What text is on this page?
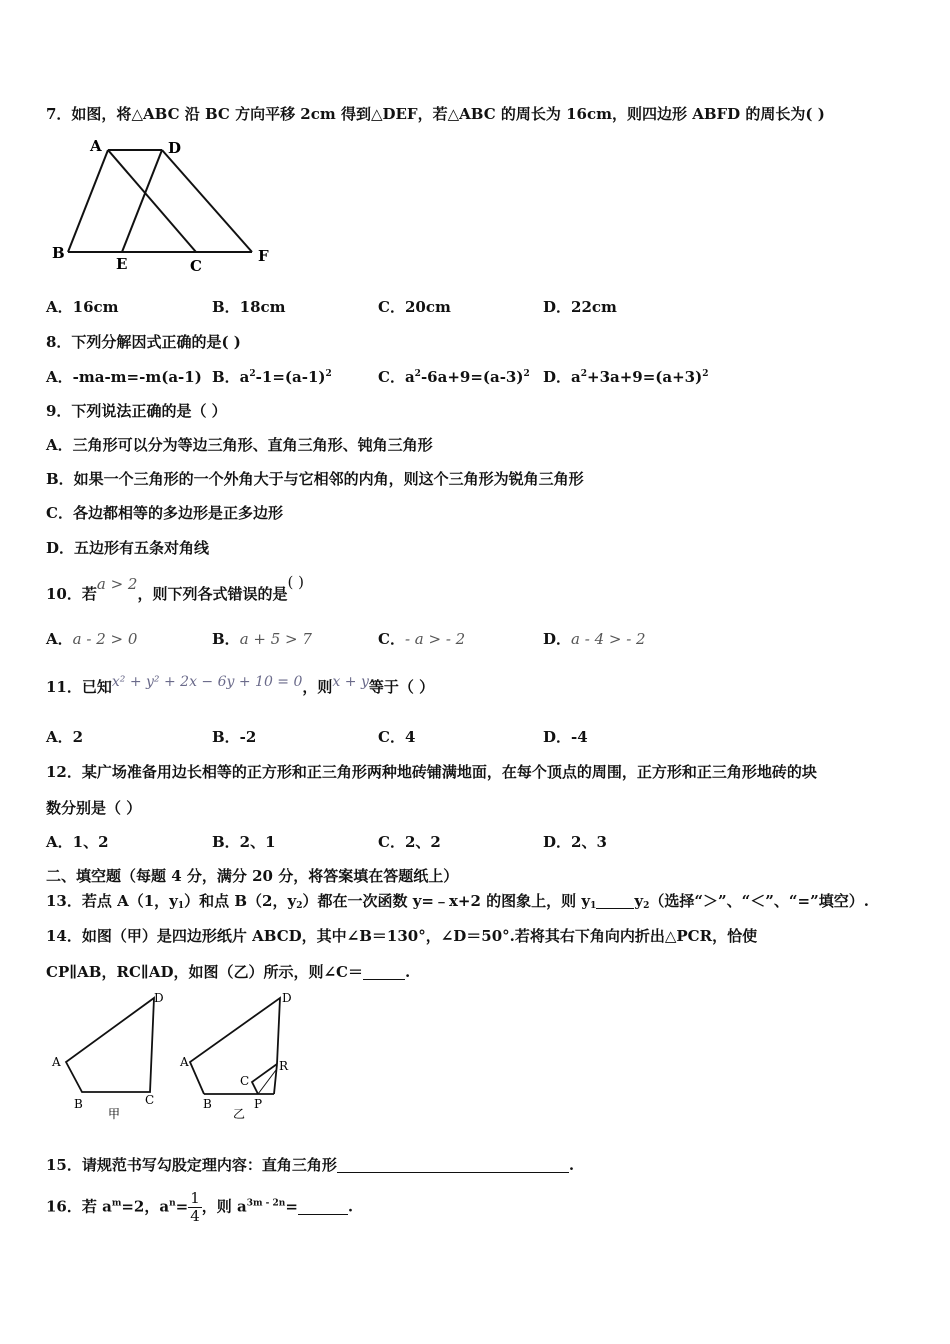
7．如图，将△ABC 沿 BC 方向平移 2cm 得到△DEF，若△ABC 的周长为 16cm，则四边形 ABFD 的周长为( )
A	D
B
E	C
F
A．16cm	B．18cm	C．20cm	D．22cm
8．下列分解因式正确的是( )
A．-ma-m=-m(a-1) B．$a^2-1=(a-1)^2$	C．$a^2-6a+9=(a-3)^2$ D．$a^2+3a+9=(a+3)^2$
9．下列说法正确的是（ ）
A．三角形可以分为等边三角形、直角三角形、钝角三角形
B．如果一个三角形的一个外角大于与它相邻的内角，则这个三角形为锐角三角形
C．各边都相等的多边形是正多边形
D．五边形有五条对角线
10．若a > 2，则下列各式错误的是( )
A．a - 2 > 0	B．a + 5 > 7	C．- a > - 2	D．a - 4 > - 2
11．已知x² + y² + 2x − 6y + 10 = 0，则x + y等于（ ）
A．2	B．-2	C．4	D．-4
12．某广场准备用边长相等的正方形和正三角形两种地砖铺满地面，在每个顶点的周围，正方形和正三角形地砖的块
数分别是（ ）
A．1、2	B．2、1	C．2、2	D．2、3
二、填空题（每题 4 分，满分 20 分，将答案填在答题纸上）
13．若点 A（1，$y_1$）和点 B（2，$y_2$）都在一次函数 y=﹣x+2 的图象上，则 $y_1$	$y_2$（选择“＞”、“＜”、“=”填空）.
14．如图（甲）是四边形纸片 ABCD，其中∠B＝130°，∠D＝50°.若将其右下角向内折出△PCR，恰使
CP∥AB，RC∥AD，如图（乙）所示，则∠C＝	.
A
B	C
D
甲
A
B
C
D
R
P
乙
15．请规范书写勾股定理内容：直角三角形	.
16．若 $a^m=2$，$a^n= \frac{1}{4}$ ，则 $a^{3m - 2n}=$	.
